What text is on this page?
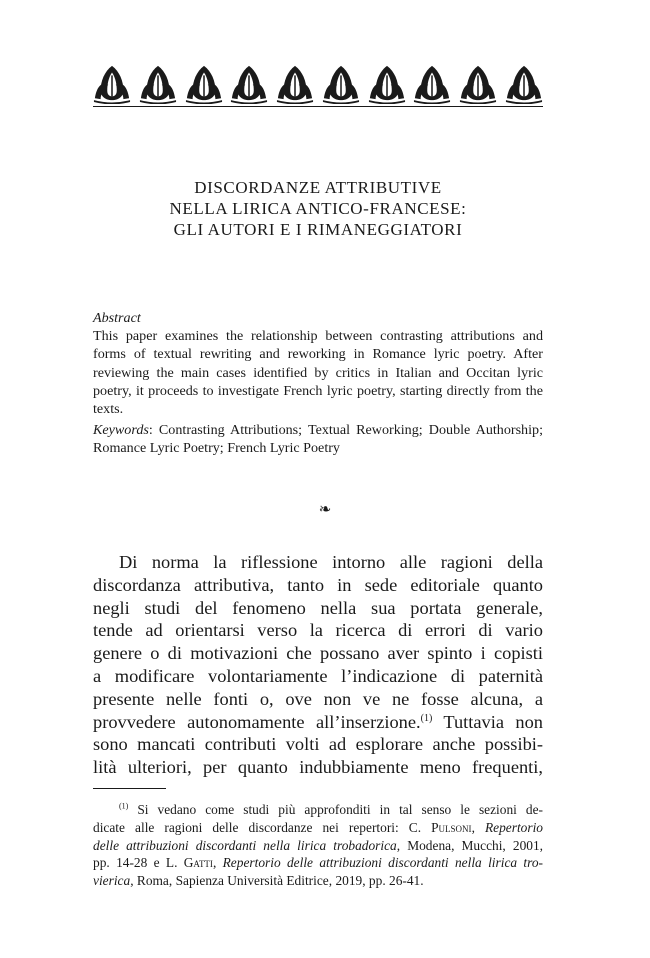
DISCORDANZE ATTRIBUTIVE
NELLA LIRICA ANTICO-FRANCESE:
GLI AUTORI E I RIMANEGGIATORI
Abstract

This paper examines the relationship between contrasting attributions and forms of textual rewriting and reworking in Romance lyric poetry. After reviewing the main cases identified by critics in Italian and Occitan lyric poetry, it proceeds to investigate French lyric poetry, starting directly from the texts.

Keywords: Contrasting Attributions; Textual Reworking; Double Authorship; Romance Lyric Poetry; French Lyric Poetry

❧
Di norma la riflessione intorno alle ragioni della
discordanza attributiva, tanto in sede editoriale quanto
negli studi del fenomeno nella sua portata generale,
tende ad orientarsi verso la ricerca di errori di vario
genere o di motivazioni che possano aver spinto i copisti
a modificare volontariamente l’indicazione di paternità
presente nelle fonti o, ove non ve ne fosse alcuna, a
provvedere autonomamente all’inserzione.$^{(1)}$ Tuttavia non
sono mancati contributi volti ad esplorare anche possibi-
lità ulteriori, per quanto indubbiamente meno frequenti,
$^{(1)}$ Si vedano come studi più approfonditi in tal senso le sezioni de-
dicate alle ragioni delle discordanze nei repertori: C. Pulsoni, Repertorio
delle attribuzioni discordanti nella lirica trobadorica, Modena, Mucchi, 2001,
pp. 14-28 e L. Gatti, Repertorio delle attribuzioni discordanti nella lirica tro-
vierica, Roma, Sapienza Università Editrice, 2019, pp. 26-41.
